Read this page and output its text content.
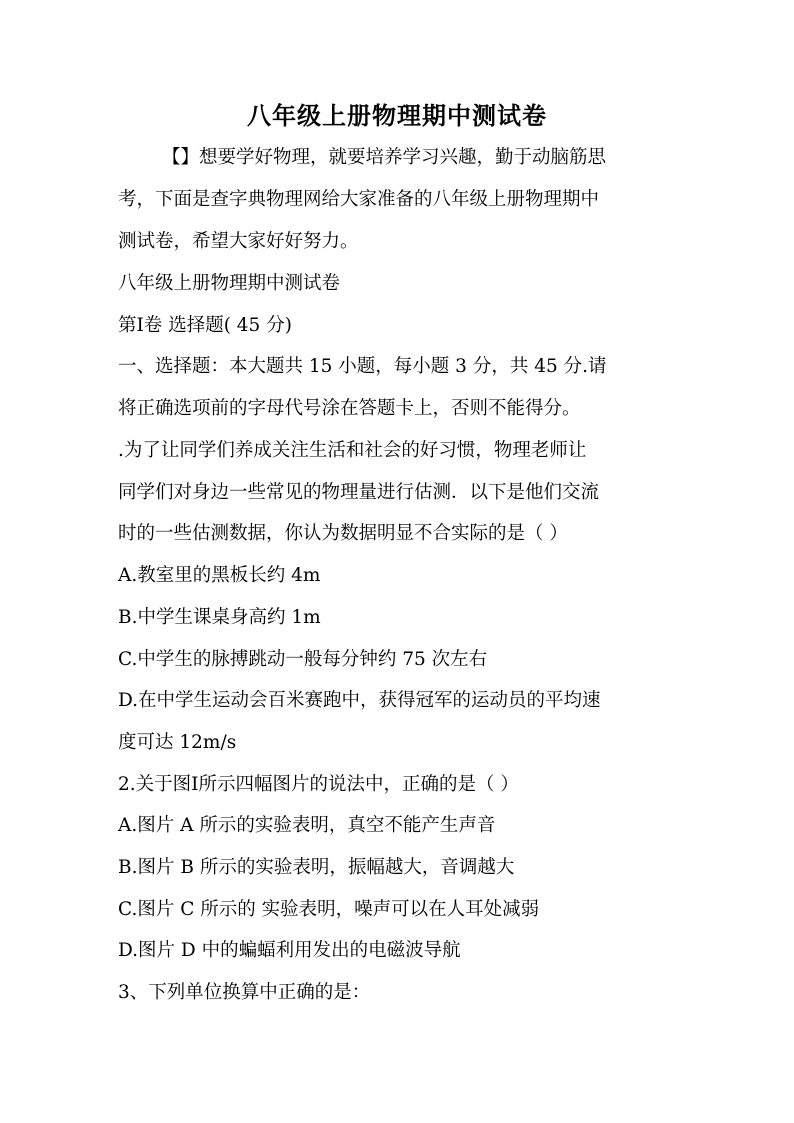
八年级上册物理期中测试卷

【】想要学好物理，就要培养学习兴趣，勤于动脑筋思

考，下面是查字典物理网给大家准备的八年级上册物理期中

测试卷，希望大家好好努力。

八年级上册物理期中测试卷

第Ⅰ卷 选择题( 45 分)

一、选择题：本大题共 15 小题，每小题 3 分，共 45 分.请

将正确选项前的字母代号涂在答题卡上，否则不能得分。

.为了让同学们养成关注生活和社会的好习惯，物理老师让

同学们对身边一些常见的物理量进行估测．以下是他们交流

时的一些估测数据，你认为数据明显不合实际的是（ ）

A.教室里的黑板长约 4m

B.中学生课桌身高约 1m

C.中学生的脉搏跳动一般每分钟约 75 次左右

D.在中学生运动会百米赛跑中，获得冠军的运动员的平均速

度可达 12m/s

2.关于图Ⅰ所示四幅图片的说法中，正确的是（ ）

A.图片 A 所示的实验表明，真空不能产生声音

B.图片 B 所示的实验表明，振幅越大，音调越大

C.图片 C 所示的 实验表明，噪声可以在人耳处减弱

D.图片 D 中的蝙蝠利用发出的电磁波导航

3、下列单位换算中正确的是：
